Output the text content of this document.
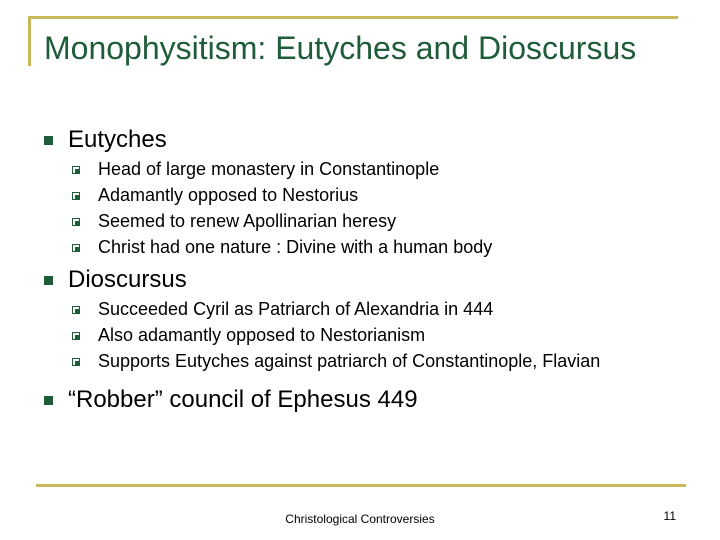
Monophysitism: Eutyches and Dioscursus
Eutyches
Head of large monastery in Constantinople
Adamantly opposed to Nestorius
Seemed to renew Apollinarian heresy
Christ had one nature : Divine with a human body
Dioscursus
Succeeded Cyril as Patriarch of Alexandria in 444
Also adamantly opposed to Nestorianism
Supports Eutyches against patriarch of Constantinople, Flavian
“Robber” council of Ephesus 449
Christological Controversies	11
